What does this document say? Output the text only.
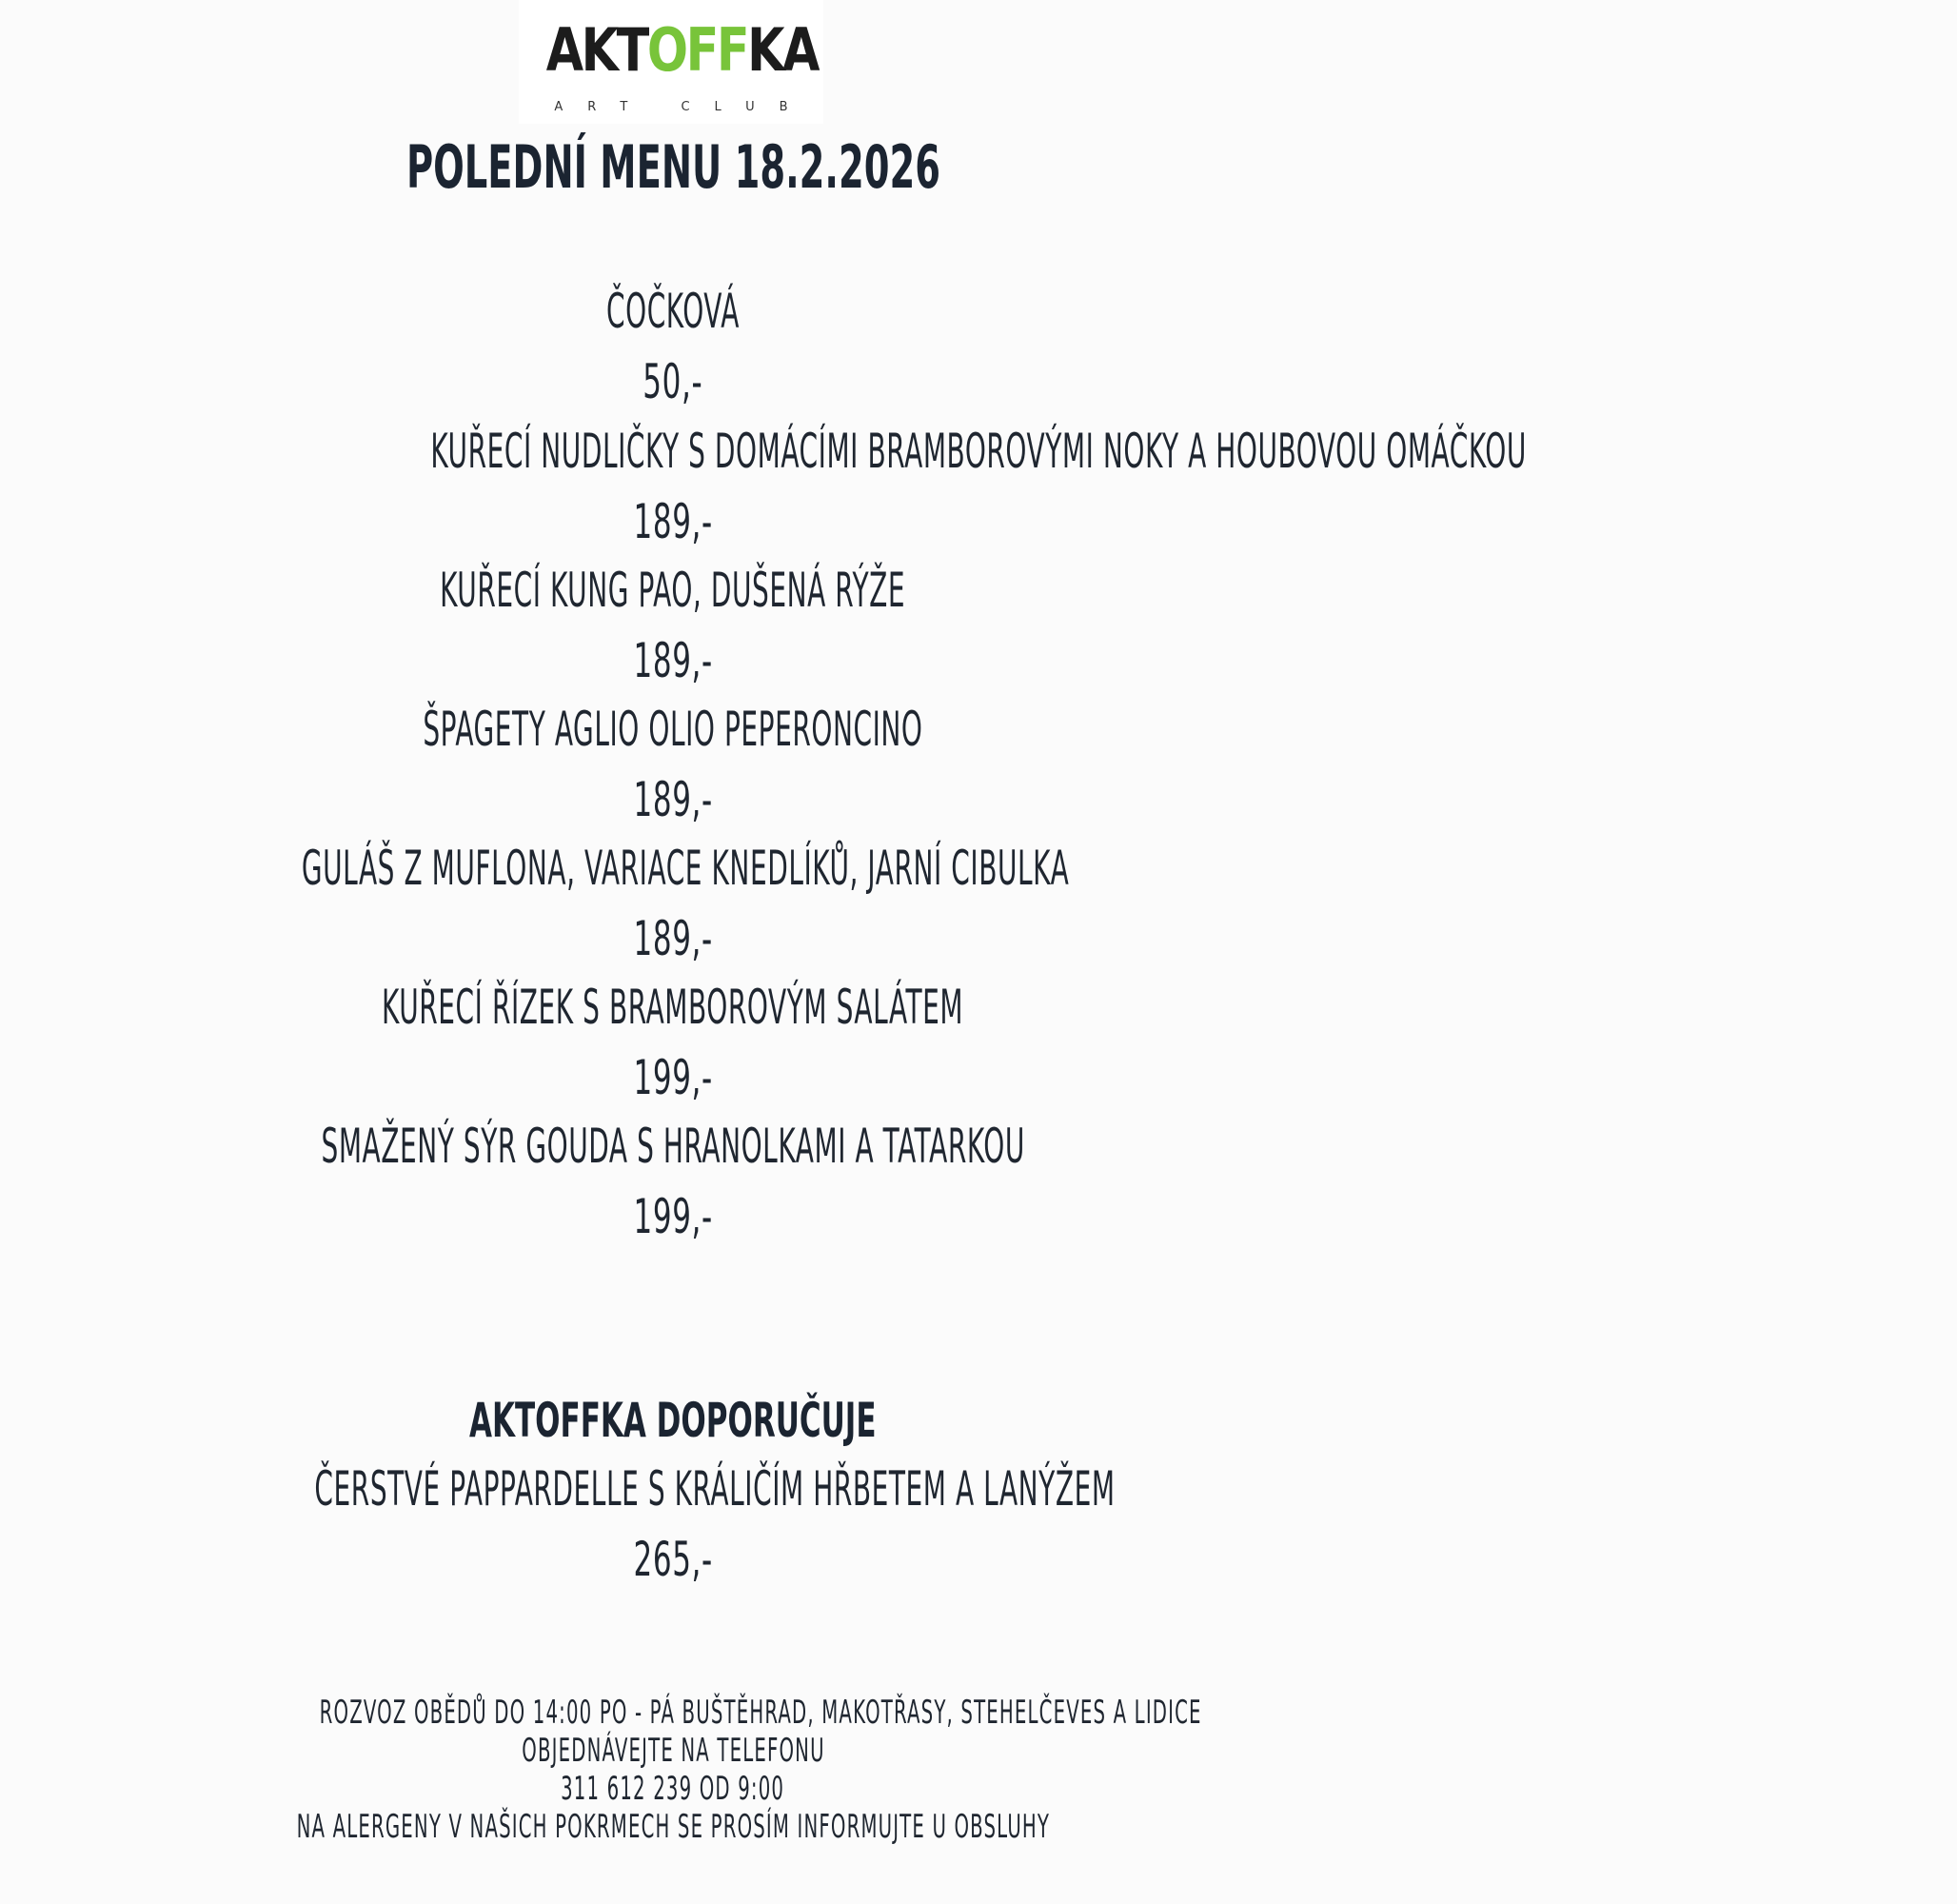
AKTOFFKA
ART CLUB
POLEDNÍ MENU 18.2.2026
ČOČKOVÁ
50,-
KUŘECÍ NUDLIČKY S DOMÁCÍMI BRAMBOROVÝMI NOKY A HOUBOVOU OMÁČKOU
189,-
KUŘECÍ KUNG PAO, DUŠENÁ RÝŽE
189,-
ŠPAGETY AGLIO OLIO PEPERONCINO
189,-
GULÁŠ Z MUFLONA, VARIACE KNEDLÍKŮ, JARNÍ CIBULKA
189,-
KUŘECÍ ŘÍZEK S BRAMBOROVÝM SALÁTEM
199,-
SMAŽENÝ SÝR GOUDA S HRANOLKAMI A TATARKOU
199,-
AKTOFFKA DOPORUČUJE
ČERSTVÉ PAPPARDELLE S KRÁLIČÍM HŘBETEM A LANÝŽEM
265,-
ROZVOZ OBĚDŮ DO 14:00 PO - PÁ BUŠTĚHRAD, MAKOTŘASY, STEHELČEVES A LIDICE
OBJEDNÁVEJTE NA TELEFONU
311 612 239 OD 9:00
NA ALERGENY V NAŠICH POKRMECH SE PROSÍM INFORMUJTE U OBSLUHY
